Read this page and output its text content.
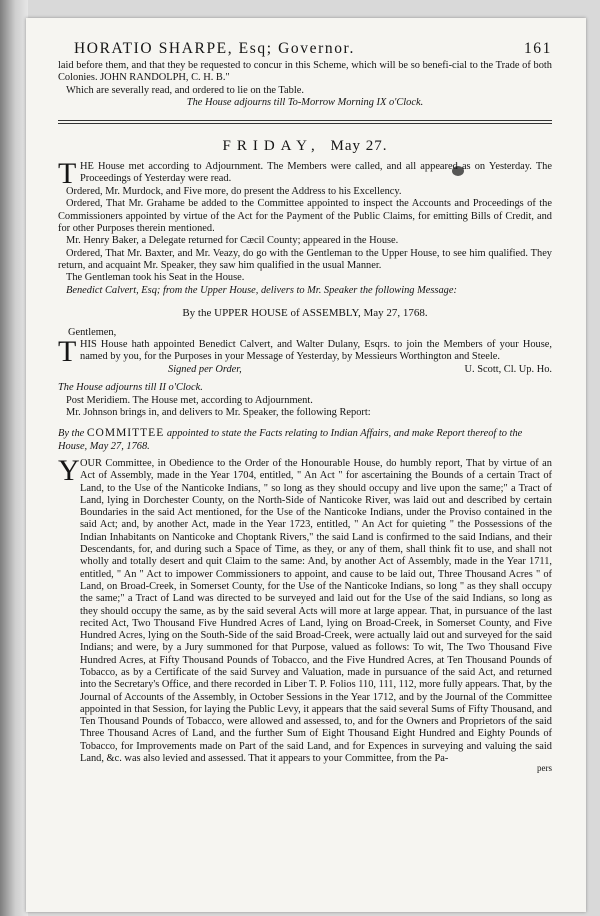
HORATIO SHARPE, Esq; Governor.	161

laid before them, and that they be requested to concur in this Scheme, which will be so benefi-cial to the Trade of both Colonies. JOHN RANDOLPH, C. H. B."

Which are severally read, and ordered to lie on the Table.

The House adjourns till To-Morrow Morning IX o'Clock.

FRIDAY, May 27.
T HE House met according to Adjournment. The Members were called, and all appeared as on Yesterday. The Proceedings of Yesterday were read.

Ordered, Mr. Murdock, and Five more, do present the Address to his Excellency.

Ordered, That Mr. Grahame be added to the Committee appointed to inspect the Accounts and Proceedings of the Commissioners appointed by virtue of the Act for the Payment of the Public Claims, for emitting Bills of Credit, and for other Purposes therein mentioned.

Mr. Henry Baker, a Delegate returned for Cæcil County; appeared in the House.

Ordered, That Mr. Baxter, and Mr. Veazy, do go with the Gentleman to the Upper House, to see him qualified. They return, and acquaint Mr. Speaker, they saw him qualified in the usual Manner.

The Gentleman took his Seat in the House.

Benedict Calvert, Esq; from the Upper House, delivers to Mr. Speaker the following Message:

By the UPPER HOUSE of ASSEMBLY, May 27, 1768.

Gentlemen,

T HIS House hath appointed Benedict Calvert, and Walter Dulany, Esqrs. to join the Members of your House, named by you, for the Purposes in your Message of Yesterday, by Messieurs Worthington and Steele.

Signed per Order,	U. Scott, Cl. Up. Ho.

The House adjourns till II o'Clock.

Post Meridiem. The House met, according to Adjournment.

Mr. Johnson brings in, and delivers to Mr. Speaker, the following Report:

By the COMMITTEE appointed to state the Facts relating to Indian Affairs, and make Report thereof to the House, May 27, 1768.
Y OUR Committee, in Obedience to the Order of the Honourable House, do humbly report, That by virtue of an Act of Assembly, made in the Year 1704, entitled, " An Act " for ascertaining the Bounds of a certain Tract of Land, to the Use of the Nanticoke Indians, " so long as they should occupy and live upon the same;" a Tract of Land, lying in Dorchester County, on the North-Side of Nanticoke River, was laid out and described by certain Boundaries in the said Act mentioned, for the Use of the Nanticoke Indians, under the Proviso contained in the said Act; and, by another Act, made in the Year 1723, entitled, " An Act for quieting " the Possessions of the Indian Inhabitants on Nanticoke and Choptank Rivers," the said Land is confirmed to the said Indians, and their Descendants, for, and during such a Space of Time, as they, or any of them, shall think fit to use, and shall not wholly and totally desert and quit Claim to the same: And, by another Act of Assembly, made in the Year 1711, entitled, " An " Act to impower Commissioners to appoint, and cause to be laid out, Three Thousand Acres " of Land, on Broad-Creek, in Somerset County, for the Use of the Nanticoke Indians, so long " as they shall occupy the same;" a Tract of Land was directed to be surveyed and laid out for the Use of the said Indians, so long as they should occupy the same, as by the said several Acts will more at large appear. That, in pursuance of the last recited Act, Two Thousand Five Hundred Acres of Land, lying on Broad-Creek, in Somerset County, and Five Hundred Acres, lying on the South-Side of the said Broad-Creek, were actually laid out and surveyed for the said Indians; and were, by a Jury summoned for that Purpose, valued as follows: To wit, The Two Thousand Five Hundred Acres, at Fifty Thousand Pounds of Tobacco, and the Five Hundred Acres, at Ten Thousand Pounds of Tobacco, as by a Certificate of the said Survey and Valuation, made in pursuance of the said Act, and returned into the Secretary's Office, and there recorded in Liber T. P. Folios 110, 111, 112, more fully appears. That, by the Journal of Accounts of the Assembly, in October Sessions in the Year 1712, and by the Journal of the Committee appointed in that Session, for laying the Public Levy, it appears that the said several Sums of Fifty Thousand, and Ten Thousand Pounds of Tobacco, were allowed and assessed, to, and for the Owners and Proprietors of the said Three Thousand Acres of Land, and the further Sum of Eight Thousand Eight Hundred and Eighty Pounds of Tobacco, for Improvements made on Part of the said Land, and for Expences in surveying and valuing the said Land, &c. was also levied and assessed. That it appears to your Committee, from the Pa-

pers
